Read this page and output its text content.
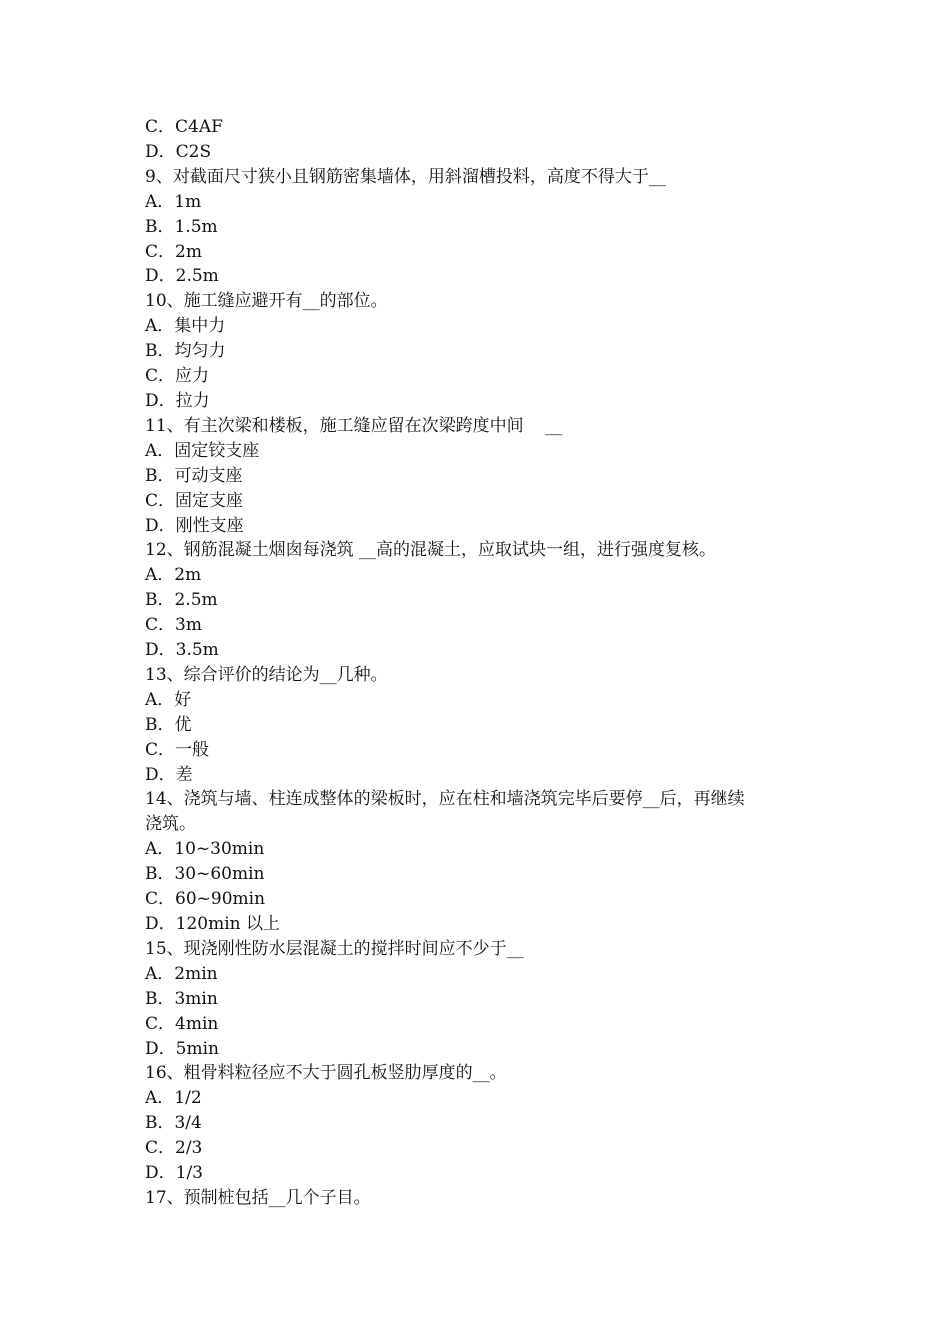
C．C4AF

D．C2S

9、对截面尺寸狭小且钢筋密集墙体，用斜溜槽投料，高度不得大于__

A．1m

B．1.5m

C．2m

D．2.5m

10、施工缝应避开有__的部位。

A．集中力

B．均匀力

C．应力

D．拉力

11、有主次梁和楼板，施工缝应留在次梁跨度中间    __

A．固定铰支座

B．可动支座

C．固定支座

D．刚性支座

12、钢筋混凝土烟囱每浇筑 __高的混凝土，应取试块一组，进行强度复核。

A．2m

B．2.5m

C．3m

D．3.5m

13、综合评价的结论为__几种。

A．好

B．优

C．一般

D．差

14、浇筑与墙、柱连成整体的梁板时，应在柱和墙浇筑完毕后要停__后，再继续

浇筑。

A．10~30min

B．30~60min

C．60~90min

D．120min 以上

15、现浇刚性防水层混凝土的搅拌时间应不少于__

A．2min

B．3min

C．4min

D．5min

16、粗骨料粒径应不大于圆孔板竖肋厚度的__。

A．1/2

B．3/4

C．2/3

D．1/3

17、预制桩包括__几个子目。
